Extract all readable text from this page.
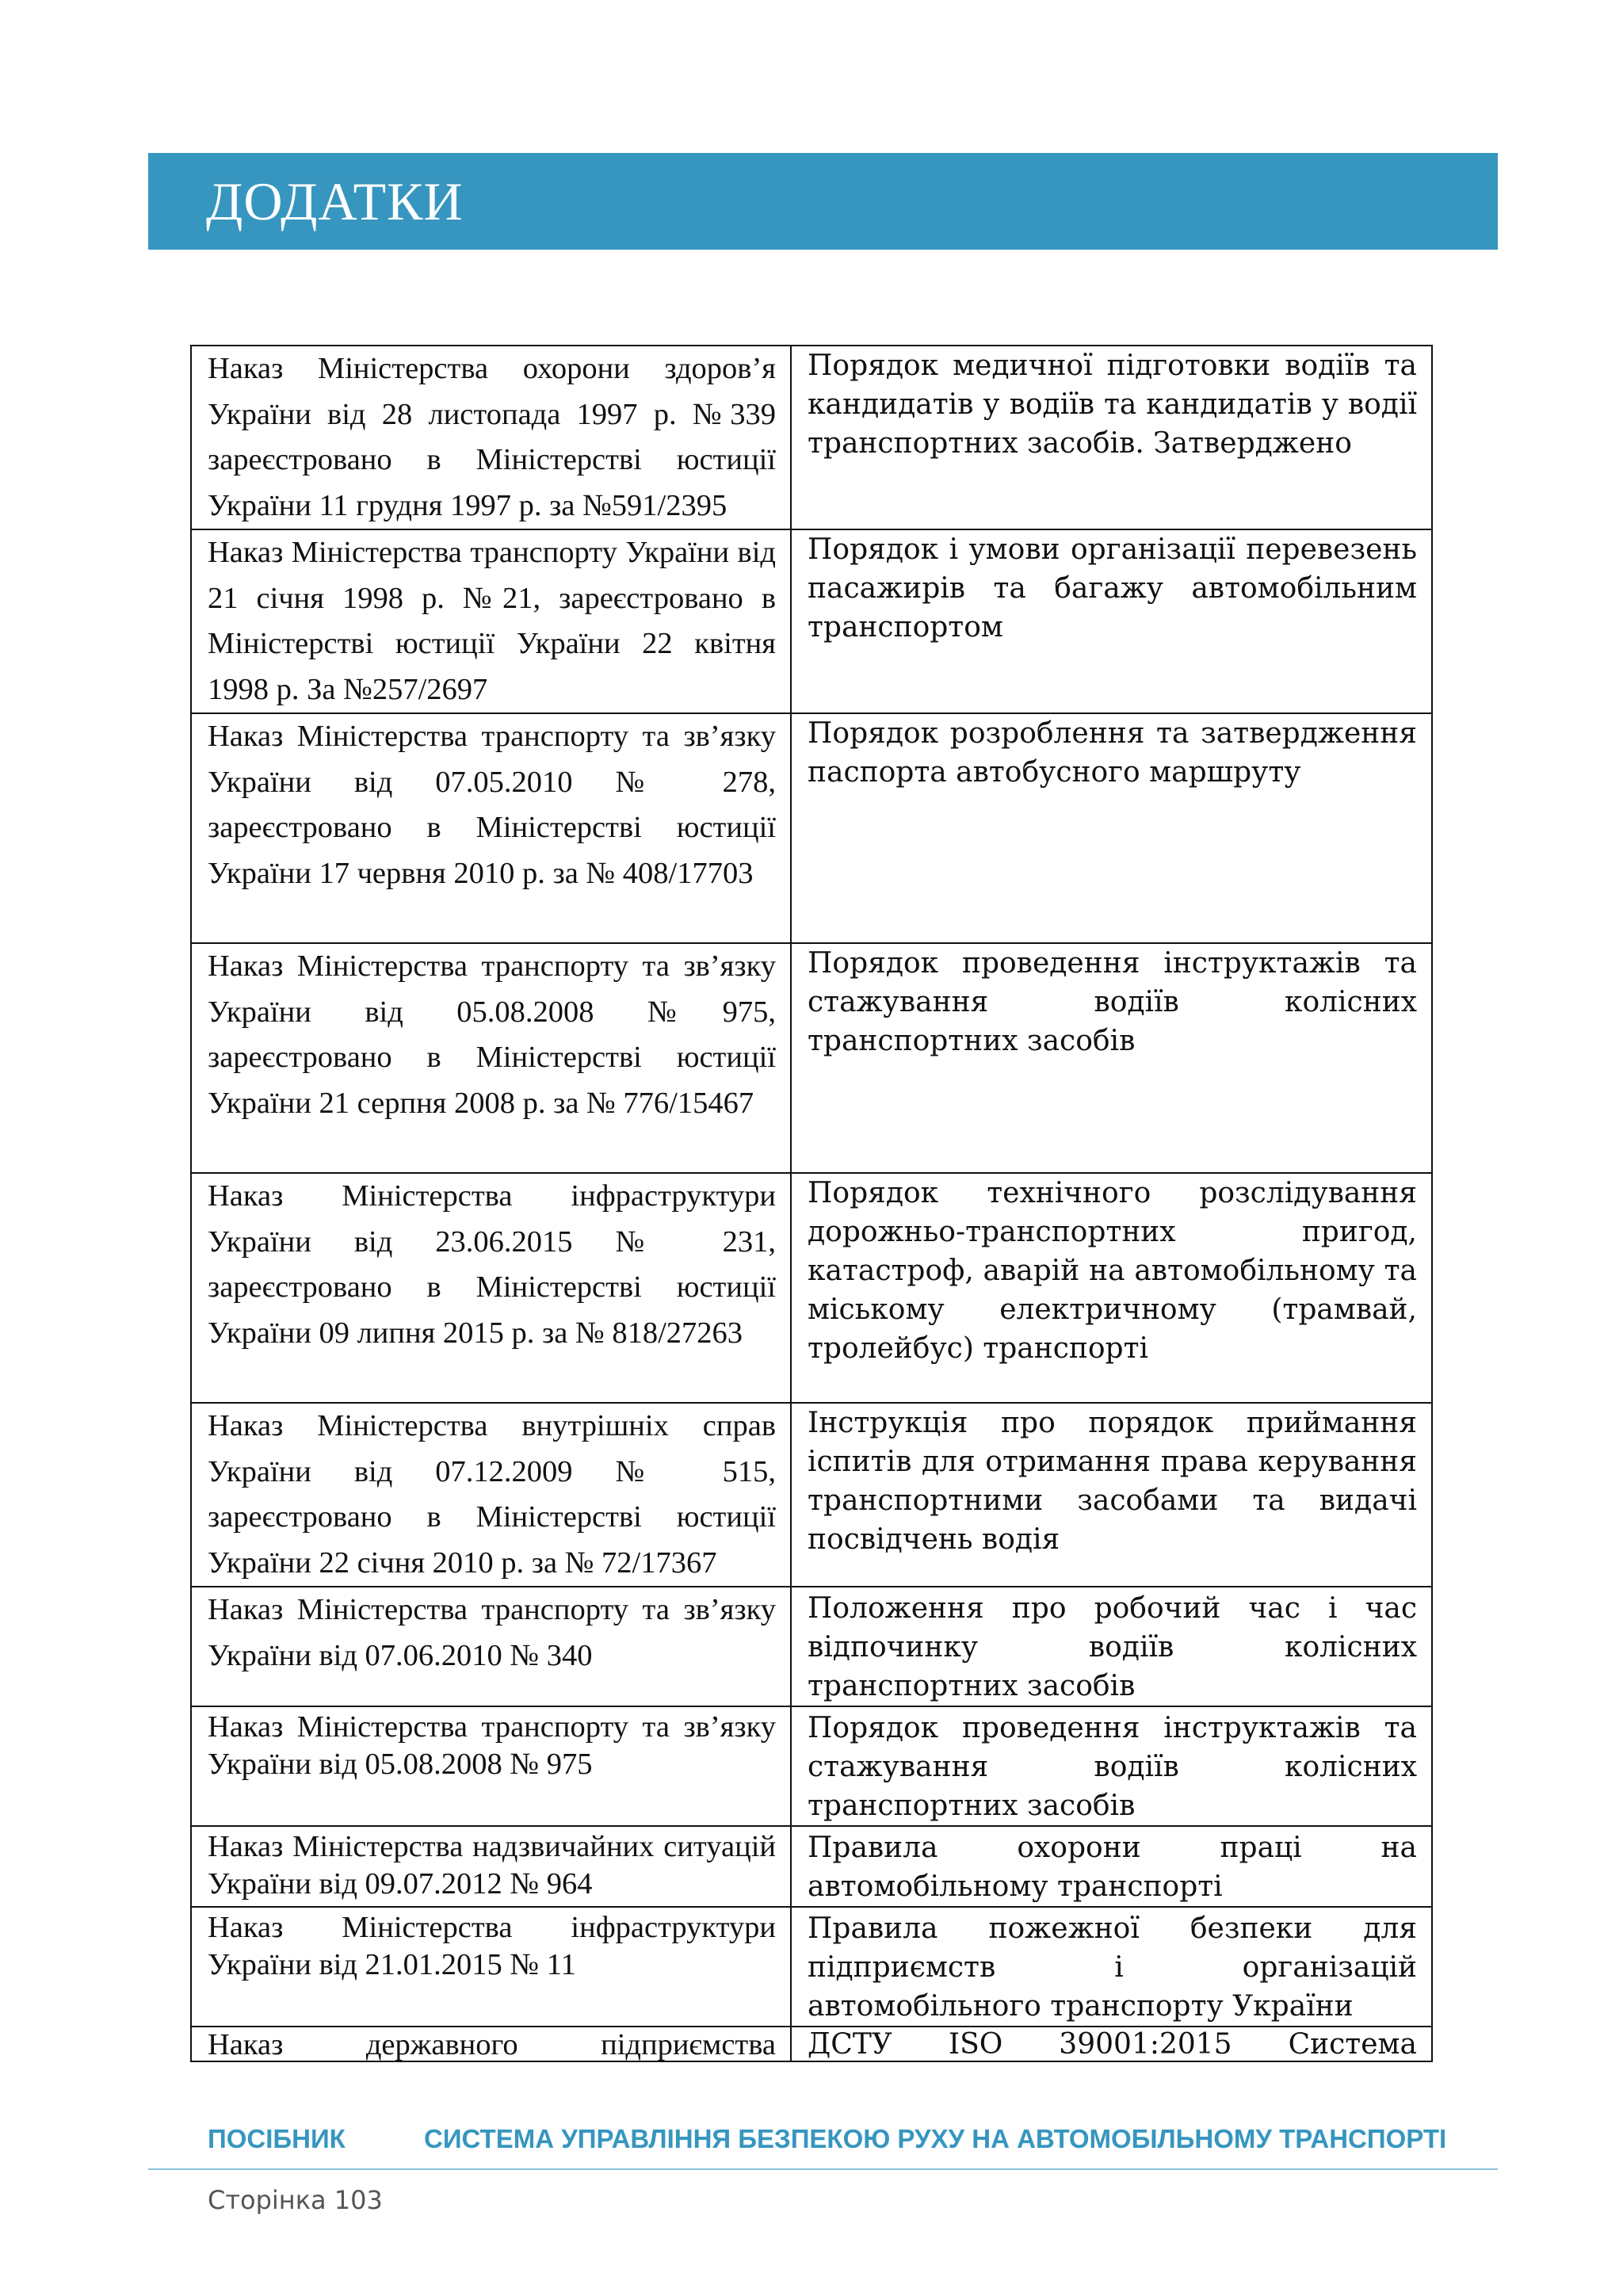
ДОДАТКИ
Наказ Міністерства охорони здоров’я України від 28 листопада 1997 р. №339 зареєстровано в Міністерстві юстиції України 11 грудня 1997 р. за №591/2395	Порядок медичної підготовки водіїв та кандидатів у водіїв та кандидатів у водії транспортних засобів. Затверджено
Наказ Міністерства транспорту України від 21 січня 1998 р. №21, зареєстровано в Міністерстві юстиції України 22 квітня 1998 р. За №257/2697	Порядок і умови організації перевезень пасажирів та багажу автомобільним транспортом
Наказ Міністерства транспорту та зв’язку України від 07.05.2010 № 278, зареєстровано в Міністерстві юстиції України 17 червня 2010 р. за № 408/17703	Порядок розроблення та затвердження паспорта автобусного маршруту
Наказ Міністерства транспорту та зв’язку України від 05.08.2008 №975, зареєстровано в Міністерстві юстиції України 21 серпня 2008 р. за № 776/15467	Порядок проведення інструктажів та стажування водіїв колісних транспортних засобів
Наказ Міністерства інфраструктури України від 23.06.2015 № 231, зареєстровано в Міністерстві юстиції України 09 липня 2015 р. за № 818/27263	Порядок технічного розслідування дорожньо-транспортних пригод, катастроф, аварій на автомобільному та міському електричному (трамвай, тролейбус) транспорті
Наказ Міністерства внутрішніх справ України від 07.12.2009 № 515, зареєстровано в Міністерстві юстиції України 22 січня 2010 р. за № 72/17367	Інструкція про порядок приймання іспитів для отримання права керування транспортними засобами та видачі посвідчень водія
Наказ Міністерства транспорту та зв’язку України від 07.06.2010 № 340	Положення про робочий час і час відпочинку водіїв колісних транспортних засобів
Наказ Міністерства транспорту та зв’язку України від 05.08.2008 № 975	Порядок проведення інструктажів та стажування водіїв колісних транспортних засобів
Наказ Міністерства надзвичайних ситуацій України від 09.07.2012 № 964	Правила охорони праці на автомобільному транспорті
Наказ Міністерства інфраструктури України від 21.01.2015 № 11	Правила пожежної безпеки для підприємств і організацій автомобільного транспорту України
Наказ державного підприємства	ДСТУ ISO 39001:2015 Система
ПОСІБНИК	СИСТЕМА УПРАВЛІННЯ БЕЗПЕКОЮ РУХУ НА АВТОМОБІЛЬНОМУ ТРАНСПОРТІ
Сторінка 103
